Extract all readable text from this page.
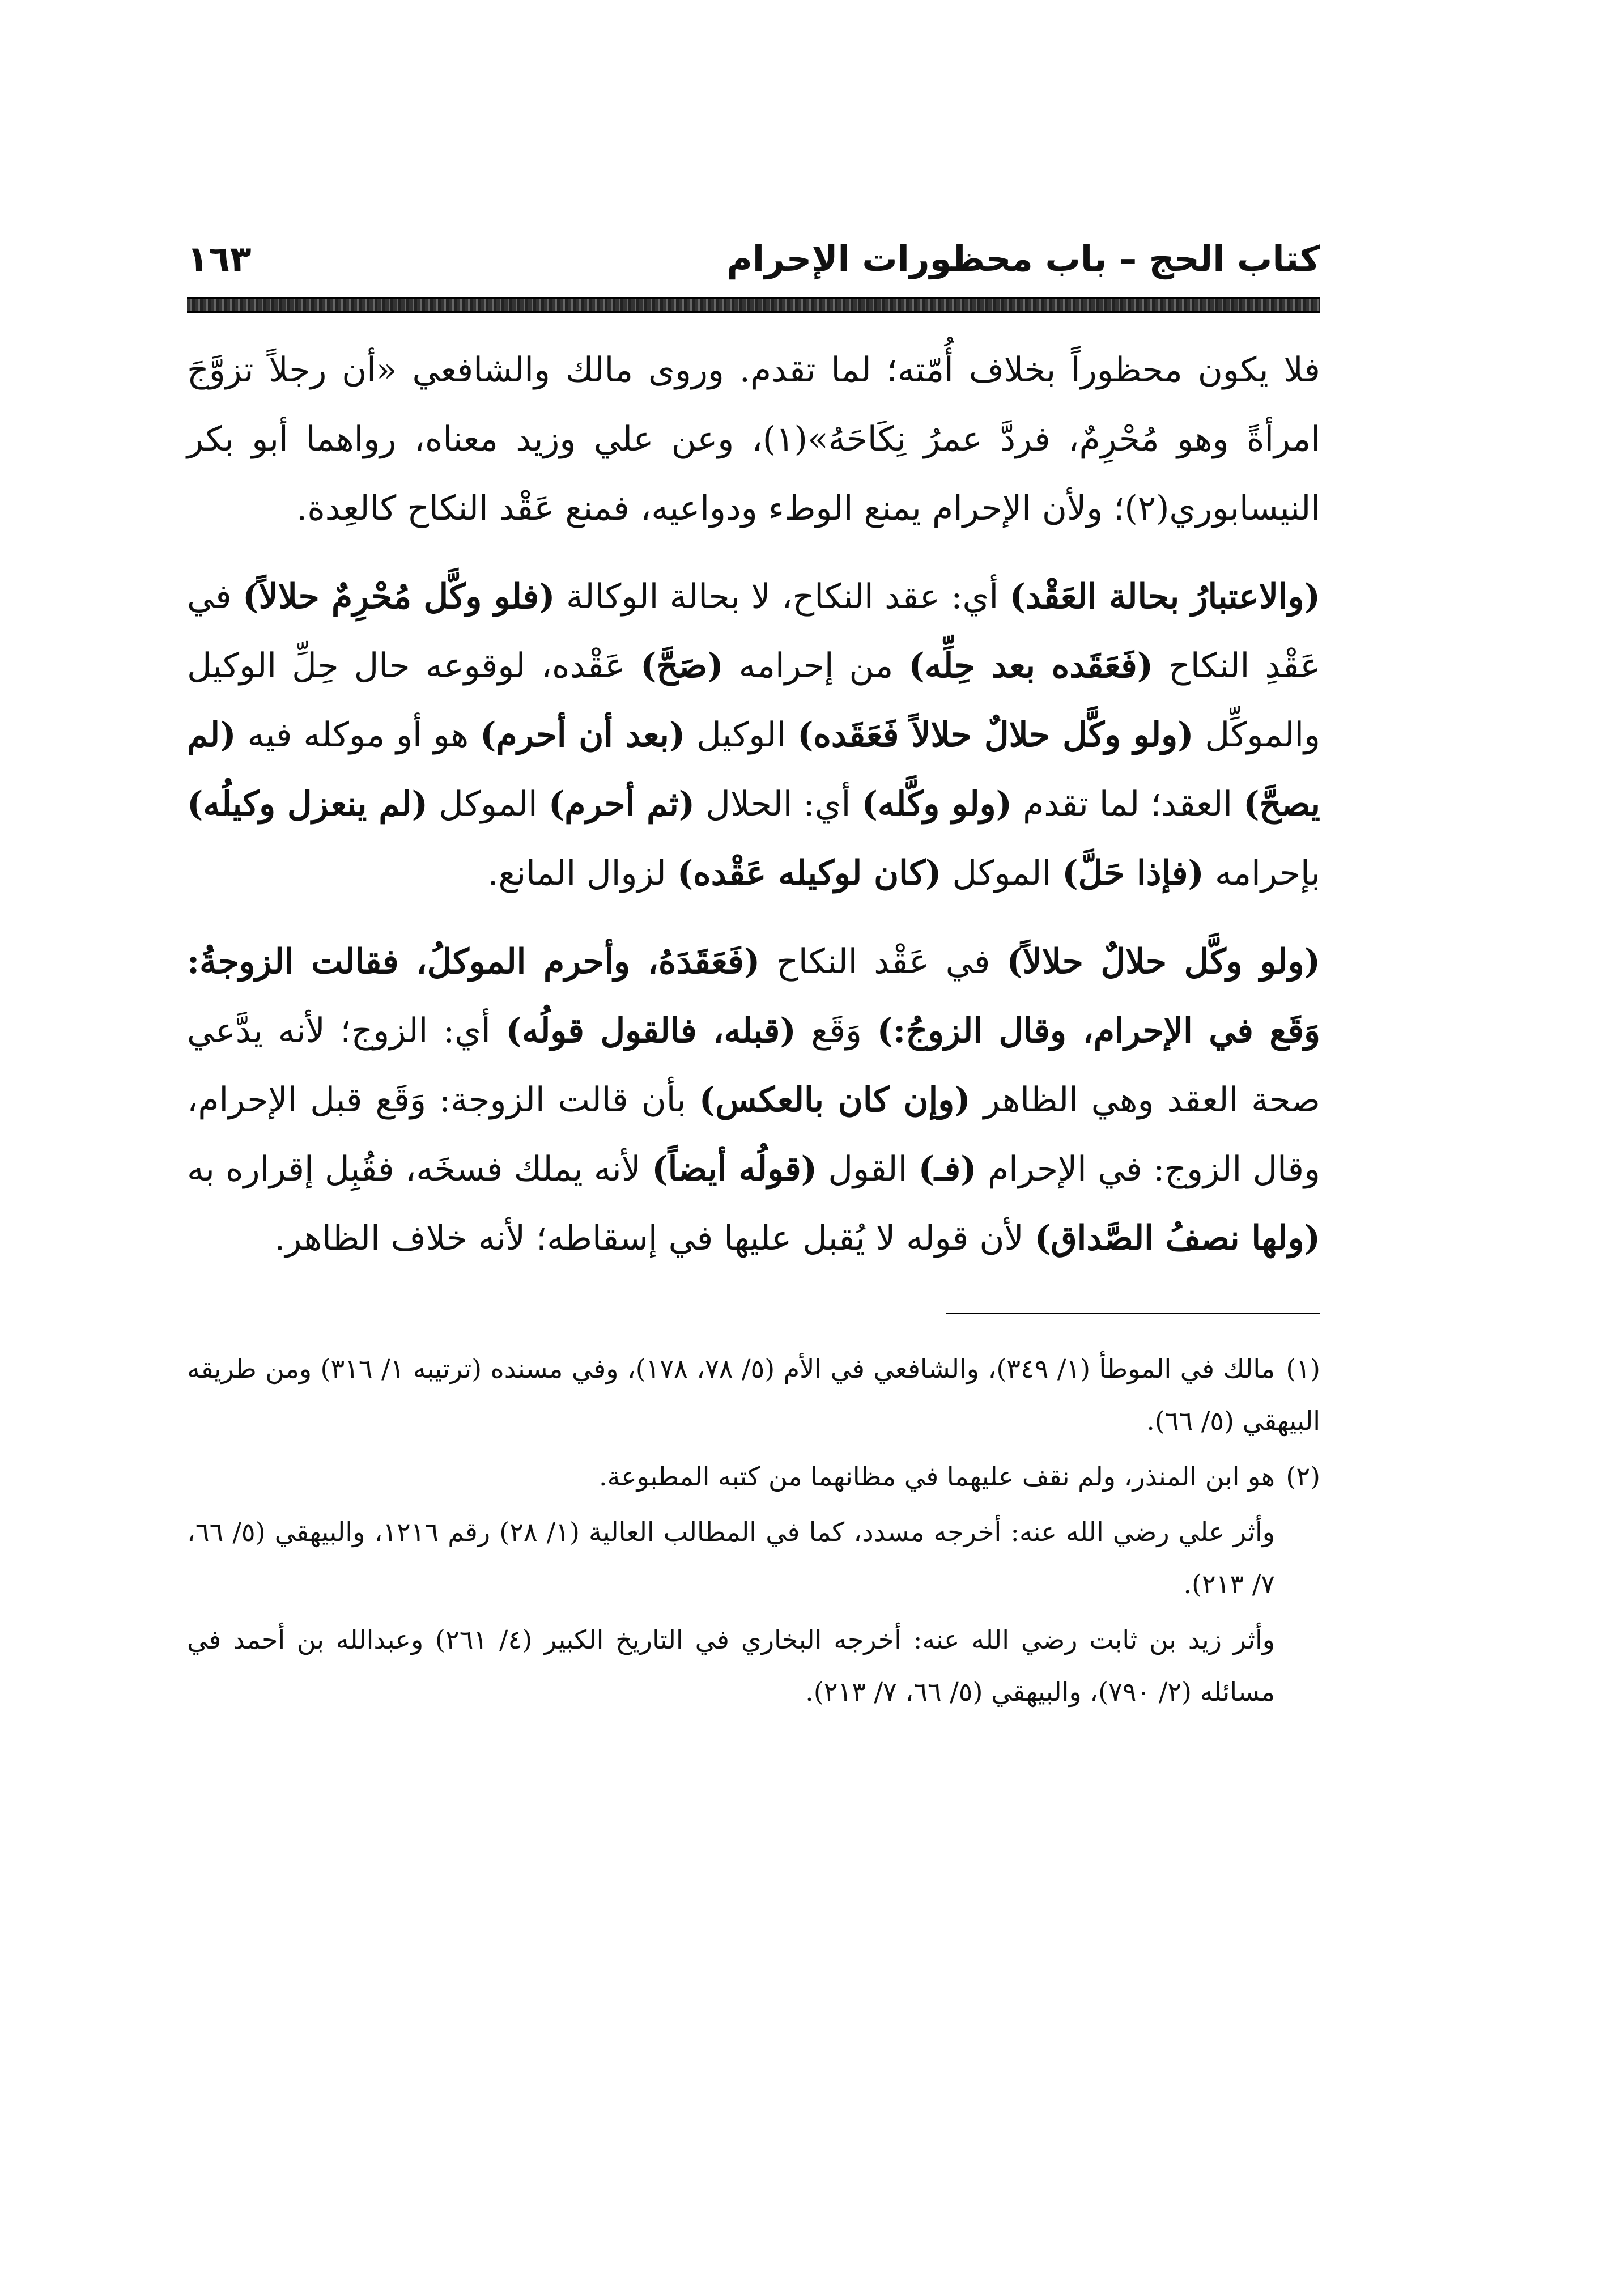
كتاب الحج – باب محظورات الإحرام
١٦٣

فلا يكون محظوراً بخلاف أُمّته؛ لما تقدم. وروى مالك والشافعي «أن رجلاً تزوَّجَ امرأةً وهو مُحْرِمٌ، فردَّ عمرُ نِكَاحَهُ»(١)، وعن علي وزيد معناه، رواهما أبو بكر النيسابوري(٢)؛ ولأن الإحرام يمنع الوطء ودواعيه، فمنع عَقْد النكاح كالعِدة.

(والاعتبارُ بحالة العَقْد) أي: عقد النكاح، لا بحالة الوكالة (فلو وكَّل مُحْرِمٌ حلالاً) في عَقْدِ النكاح (فَعَقَده بعد حِلِّه) من إحرامه (صَحَّ) عَقْده، لوقوعه حال حِلِّ الوكيل والموكِّل (ولو وكَّل حلالٌ حلالاً فَعَقَده) الوكيل (بعد أن أحرم) هو أو موكله فيه (لم يصحَّ) العقد؛ لما تقدم (ولو وكَّله) أي: الحلال (ثم أحرم) الموكل (لم ينعزل وكيلُه) بإحرامه (فإذا حَلَّ) الموكل (كان لوكيله عَقْده) لزوال المانع.

(ولو وكَّل حلالٌ حلالاً) في عَقْد النكاح (فَعَقَدَهُ، وأحرم الموكلُ، فقالت الزوجةُ: وَقَع في الإحرام، وقال الزوجُ:) وَقَع (قبله، فالقول قولُه) أي: الزوج؛ لأنه يدَّعي صحة العقد وهي الظاهر (وإن كان بالعكس) بأن قالت الزوجة: وَقَع قبل الإحرام، وقال الزوج: في الإحرام (فـ) القول (قولُه أيضاً) لأنه يملك فسخَه، فقُبِل إقراره به (ولها نصفُ الصَّداق) لأن قوله لا يُقبل عليها في إسقاطه؛ لأنه خلاف الظاهر.

(١)مالك في الموطأ (١/ ٣٤٩)، والشافعي في الأم (٥/ ٧٨، ١٧٨)، وفي مسنده (ترتيبه ١/ ٣١٦) ومن طريقه البيهقي (٥/ ٦٦).
(٢)هو ابن المنذر، ولم نقف عليهما في مظانهما من كتبه المطبوعة.
وأثر علي رضي الله عنه: أخرجه مسدد، كما في المطالب العالية (١/ ٢٨) رقم ١٢١٦، والبيهقي (٥/ ٦٦، ٧/ ٢١٣).
وأثر زيد بن ثابت رضي الله عنه: أخرجه البخاري في التاريخ الكبير (٤/ ٢٦١) وعبدالله بن أحمد في مسائله (٢/ ٧٩٠)، والبيهقي (٥/ ٦٦، ٧/ ٢١٣).
